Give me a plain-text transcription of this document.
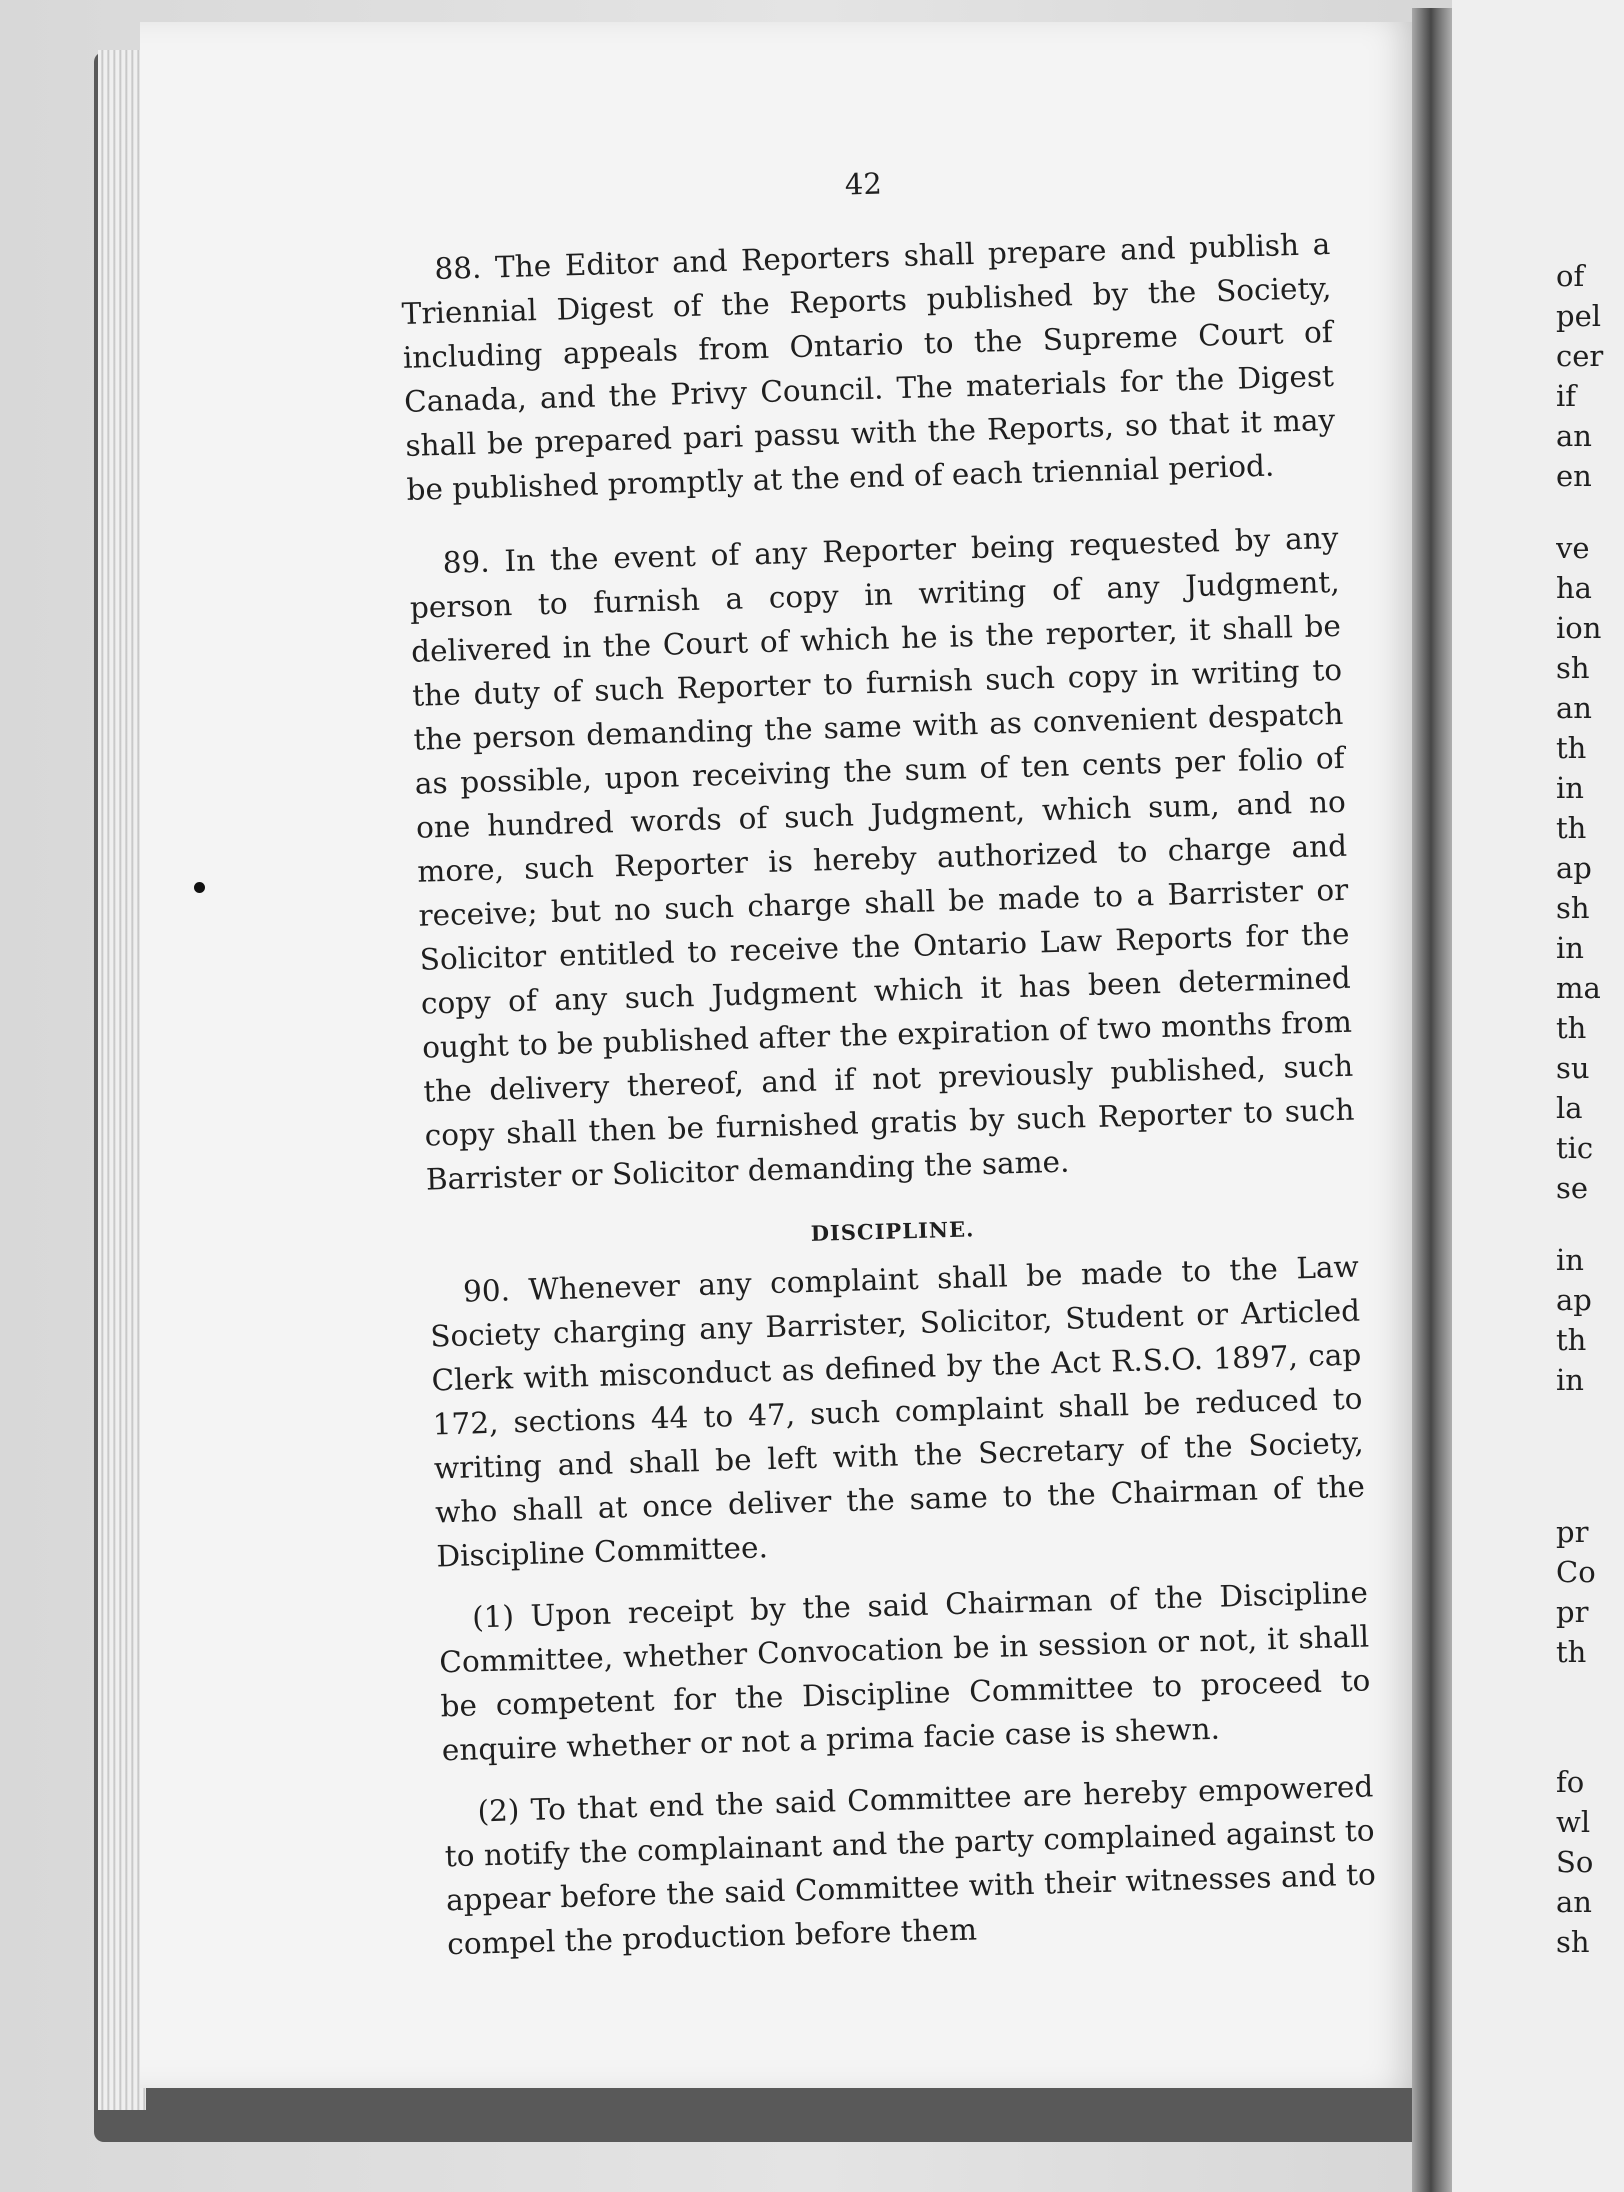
42

88. The Editor and Reporters shall prepare and publish a Triennial Digest of the Reports published by the Society, including appeals from Ontario to the Supreme Court of Canada, and the Privy Council. The materials for the Digest shall be prepared pari passu with the Reports, so that it may be published promptly at the end of each triennial period.

89. In the event of any Reporter being requested by any person to furnish a copy in writing of any Judgment, delivered in the Court of which he is the reporter, it shall be the duty of such Reporter to furnish such copy in writing to the person demanding the same with as convenient despatch as possible, upon receiving the sum of ten cents per folio of one hundred words of such Judgment, which sum, and no more, such Reporter is hereby authorized to charge and receive; but no such charge shall be made to a Barrister or Solicitor entitled to receive the Ontario Law Reports for the copy of any such Judgment which it has been determined ought to be published after the expiration of two months from the delivery thereof, and if not previously published, such copy shall then be furnished gratis by such Reporter to such Barrister or Solicitor demanding the same.

DISCIPLINE.

90. Whenever any complaint shall be made to the Law Society charging any Barrister, Solicitor, Student or Articled Clerk with misconduct as defined by the Act R.S.O. 1897, cap 172, sections 44 to 47, such complaint shall be reduced to writing and shall be left with the Secretary of the Society, who shall at once deliver the same to the Chairman of the Discipline Committee.

(1) Upon receipt by the said Chairman of the Discipline Committee, whether Convocation be in session or not, it shall be competent for the Discipline Committee to proceed to enquire whether or not a prima facie case is shewn.

(2) To that end the said Committee are hereby empowered to notify the complainant and the party complained against to appear before the said Committee with their witnesses and to compel the production before them

of
pel
cer
if
an
en
ve
ha
ion
sh
an
th
in
th
ap
sh
in
ma
th
su
la
tic
se
in
ap
th
in
pr
Co
pr
th
fo
wl
So
an
sh
